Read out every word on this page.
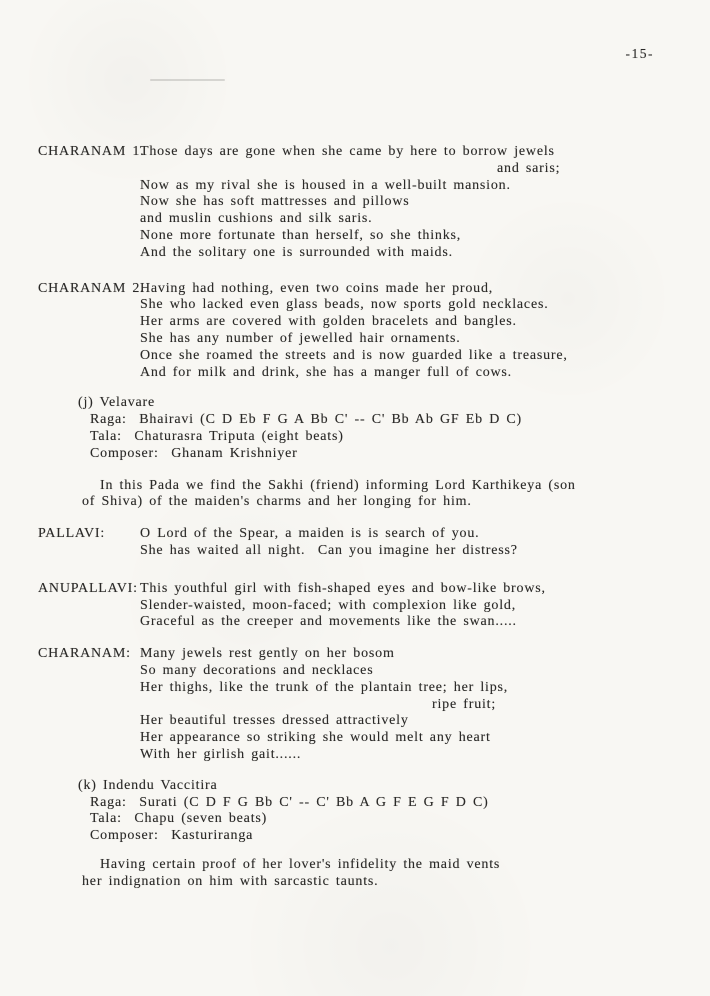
-15-
CHARANAM 1.
Those days are gone when she came by here to borrow jewels
and saris;
Now as my rival she is housed in a well-built mansion.
Now she has soft mattresses and pillows
and muslin cushions and silk saris.
None more fortunate than herself, so she thinks,
And the solitary one is surrounded with maids.
CHARANAM 2.
Having had nothing, even two coins made her proud,
She who lacked even glass beads, now sports gold necklaces.
Her arms are covered with golden bracelets and bangles.
She has any number of jewelled hair ornaments.
Once she roamed the streets and is now guarded like a treasure,
And for milk and drink, she has a manger full of cows.
(j) Velavare
Raga:  Bhairavi (C D Eb F G A Bb C' -- C' Bb Ab GF Eb D C)
Tala:  Chaturasra Triputa (eight beats)
Composer:  Ghanam Krishniyer
In this Pada we find the Sakhi (friend) informing Lord Karthikeya (son
of Shiva) of the maiden's charms and her longing for him.
PALLAVI:	O Lord of the Spear, a maiden is is search of you.
She has waited all night.  Can you imagine her distress?
ANUPALLAVI: This youthful girl with fish-shaped eyes and bow-like brows,
Slender-waisted, moon-faced; with complexion like gold,
Graceful as the creeper and movements like the swan.....
CHARANAM: Many jewels rest gently on her bosom
So many decorations and necklaces
Her thighs, like the trunk of the plantain tree; her lips,
ripe fruit;
Her beautiful tresses dressed attractively
Her appearance so striking she would melt any heart
With her girlish gait......
(k) Indendu Vaccitira
Raga:  Surati (C D F G Bb C' -- C' Bb A G F E G F D C)
Tala:  Chapu (seven beats)
Composer:  Kasturiranga
Having certain proof of her lover's infidelity the maid vents
her indignation on him with sarcastic taunts.
